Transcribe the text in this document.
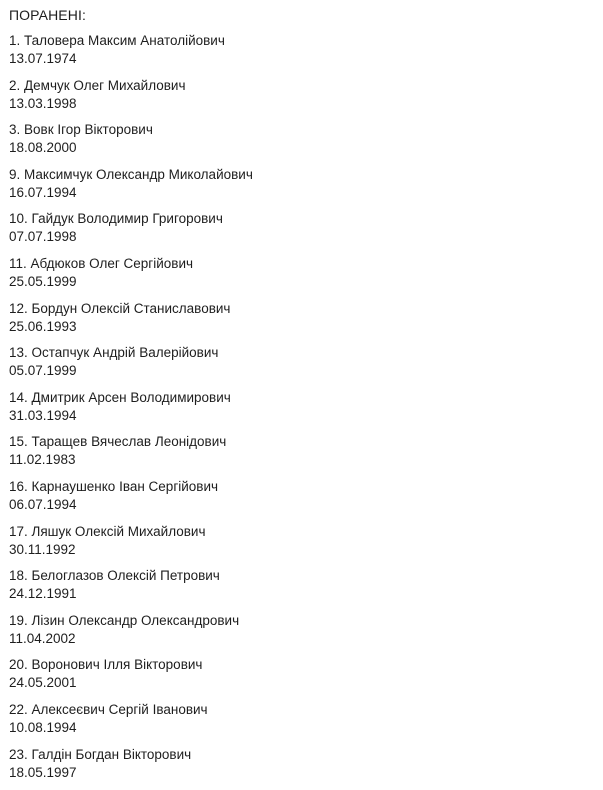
ПОРАНЕНІ:
1. Таловера Максим Анатолійович
13.07.1974
2. Демчук Олег Михайлович
13.03.1998
3. Вовк Ігор Вікторович
18.08.2000
9. Максимчук Олександр Миколайович
16.07.1994
10. Гайдук Володимир Григорович
07.07.1998
11. Абдюков Олег Сергійович
25.05.1999
12. Бордун Олексій Станиславович
25.06.1993
13. Остапчук Андрій Валерійович
05.07.1999
14. Дмитрик Арсен Володимирович
31.03.1994
15. Таращев Вячеслав Леонідович
11.02.1983
16. Карнаушенко Іван Сергійович
06.07.1994
17. Ляшук Олексій Михайлович
30.11.1992
18. Белоглазов Олексій Петрович
24.12.1991
19. Лізин Олександр Олександрович
11.04.2002
20. Воронович Ілля Вікторович
24.05.2001
22. Алексеєвич Сергій Іванович
10.08.1994
23. Галдін Богдан Вікторович
18.05.1997
